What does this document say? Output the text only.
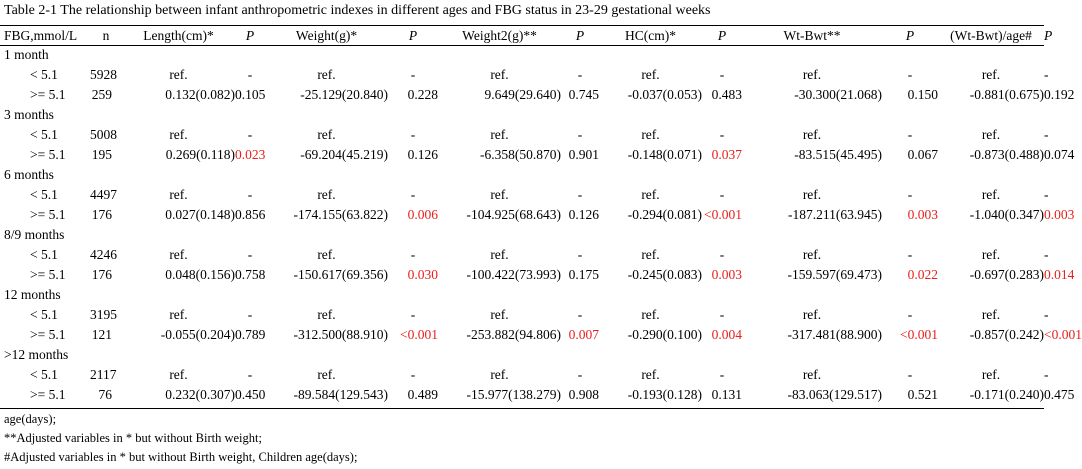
Table 2-1 The relationship between infant anthropometric indexes in different ages and FBG status in 23-29 gestational weeks
FBG,mmol/L	n	Length(cm)*	P	Weight(g)*	P	Weight2(g)**	P	HC(cm)*	P	Wt-Bwt**	P	(Wt-Bwt)/age#	P
1 month													
< 5.1	5928	ref.	-	ref.	-	ref.	-	ref.	-	ref.	-	ref.	-
>= 5.1	259	0.132(0.082)	0.105	-25.129(20.840)	0.228	9.649(29.640)	0.745	-0.037(0.053)	0.483	-30.300(21.068)	0.150	-0.881(0.675)	0.192
3 months													
< 5.1	5008	ref.	-	ref.	-	ref.	-	ref.	-	ref.	-	ref.	-
>= 5.1	195	0.269(0.118)	0.023	-69.204(45.219)	0.126	-6.358(50.870)	0.901	-0.148(0.071)	0.037	-83.515(45.495)	0.067	-0.873(0.488)	0.074
6 months													
< 5.1	4497	ref.	-	ref.	-	ref.	-	ref.	-	ref.	-	ref.	-
>= 5.1	176	0.027(0.148)	0.856	-174.155(63.822)	0.006	-104.925(68.643)	0.126	-0.294(0.081)	<0.001	-187.211(63.945)	0.003	-1.040(0.347)	0.003
8/9 months													
< 5.1	4246	ref.	-	ref.	-	ref.	-	ref.	-	ref.	-	ref.	-
>= 5.1	176	0.048(0.156)	0.758	-150.617(69.356)	0.030	-100.422(73.993)	0.175	-0.245(0.083)	0.003	-159.597(69.473)	0.022	-0.697(0.283)	0.014
12 months													
< 5.1	3195	ref.	-	ref.	-	ref.	-	ref.	-	ref.	-	ref.	-
>= 5.1	121	-0.055(0.204)	0.789	-312.500(88.910)	<0.001	-253.882(94.806)	0.007	-0.290(0.100)	0.004	-317.481(88.900)	<0.001	-0.857(0.242)	<0.001
>12 months													
< 5.1	2117	ref.	-	ref.	-	ref.	-	ref.	-	ref.	-	ref.	-
>= 5.1	76	0.232(0.307)	0.450	-89.584(129.543)	0.489	-15.977(138.279)	0.908	-0.193(0.128)	0.131	-83.063(129.517)	0.521	-0.171(0.240)	0.475
age(days);
**Adjusted variables in * but without Birth weight;
#Adjusted variables in * but without Birth weight, Children age(days);
